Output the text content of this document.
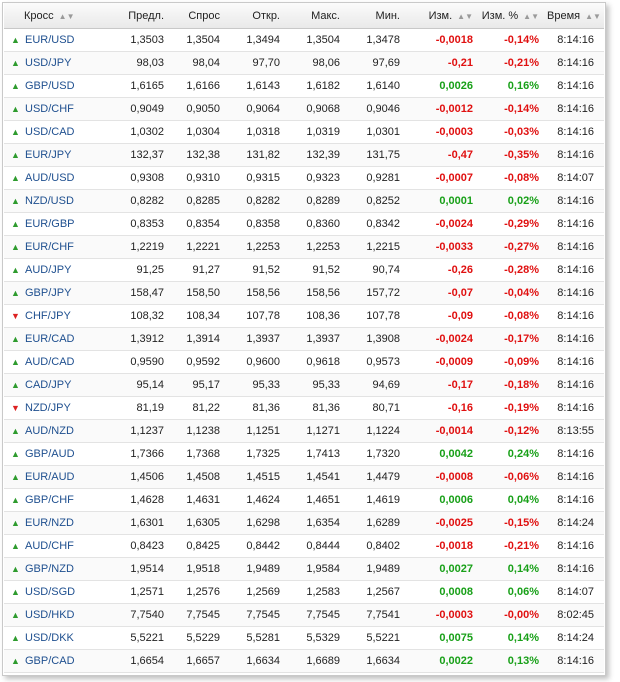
Кросс ▲▼	Предл.	Спрос	Откр.	Макс.	Мин.	Изм. ▲▼	Изм. % ▲▼	Время ▲▼
▲ EUR/USD	1,3503	1,3504	1,3494	1,3504	1,3478	-0,0018	-0,14%	8:14:16
▲ USD/JPY	98,03	98,04	97,70	98,06	97,69	-0,21	-0,21%	8:14:16
▲ GBP/USD	1,6165	1,6166	1,6143	1,6182	1,6140	0,0026	0,16%	8:14:16
▲ USD/CHF	0,9049	0,9050	0,9064	0,9068	0,9046	-0,0012	-0,14%	8:14:16
▲ USD/CAD	1,0302	1,0304	1,0318	1,0319	1,0301	-0,0003	-0,03%	8:14:16
▲ EUR/JPY	132,37	132,38	131,82	132,39	131,75	-0,47	-0,35%	8:14:16
▲ AUD/USD	0,9308	0,9310	0,9315	0,9323	0,9281	-0,0007	-0,08%	8:14:07
▲ NZD/USD	0,8282	0,8285	0,8282	0,8289	0,8252	0,0001	0,02%	8:14:16
▲ EUR/GBP	0,8353	0,8354	0,8358	0,8360	0,8342	-0,0024	-0,29%	8:14:16
▲ EUR/CHF	1,2219	1,2221	1,2253	1,2253	1,2215	-0,0033	-0,27%	8:14:16
▲ AUD/JPY	91,25	91,27	91,52	91,52	90,74	-0,26	-0,28%	8:14:16
▲ GBP/JPY	158,47	158,50	158,56	158,56	157,72	-0,07	-0,04%	8:14:16
▼ CHF/JPY	108,32	108,34	107,78	108,36	107,78	-0,09	-0,08%	8:14:16
▲ EUR/CAD	1,3912	1,3914	1,3937	1,3937	1,3908	-0,0024	-0,17%	8:14:16
▲ AUD/CAD	0,9590	0,9592	0,9600	0,9618	0,9573	-0,0009	-0,09%	8:14:16
▲ CAD/JPY	95,14	95,17	95,33	95,33	94,69	-0,17	-0,18%	8:14:16
▼ NZD/JPY	81,19	81,22	81,36	81,36	80,71	-0,16	-0,19%	8:14:16
▲ AUD/NZD	1,1237	1,1238	1,1251	1,1271	1,1224	-0,0014	-0,12%	8:13:55
▲ GBP/AUD	1,7366	1,7368	1,7325	1,7413	1,7320	0,0042	0,24%	8:14:16
▲ EUR/AUD	1,4506	1,4508	1,4515	1,4541	1,4479	-0,0008	-0,06%	8:14:16
▲ GBP/CHF	1,4628	1,4631	1,4624	1,4651	1,4619	0,0006	0,04%	8:14:16
▲ EUR/NZD	1,6301	1,6305	1,6298	1,6354	1,6289	-0,0025	-0,15%	8:14:24
▲ AUD/CHF	0,8423	0,8425	0,8442	0,8444	0,8402	-0,0018	-0,21%	8:14:16
▲ GBP/NZD	1,9514	1,9518	1,9489	1,9584	1,9489	0,0027	0,14%	8:14:16
▲ USD/SGD	1,2571	1,2576	1,2569	1,2583	1,2567	0,0008	0,06%	8:14:07
▲ USD/HKD	7,7540	7,7545	7,7545	7,7545	7,7541	-0,0003	-0,00%	8:02:45
▲ USD/DKK	5,5221	5,5229	5,5281	5,5329	5,5221	0,0075	0,14%	8:14:24
▲ GBP/CAD	1,6654	1,6657	1,6634	1,6689	1,6634	0,0022	0,13%	8:14:16
